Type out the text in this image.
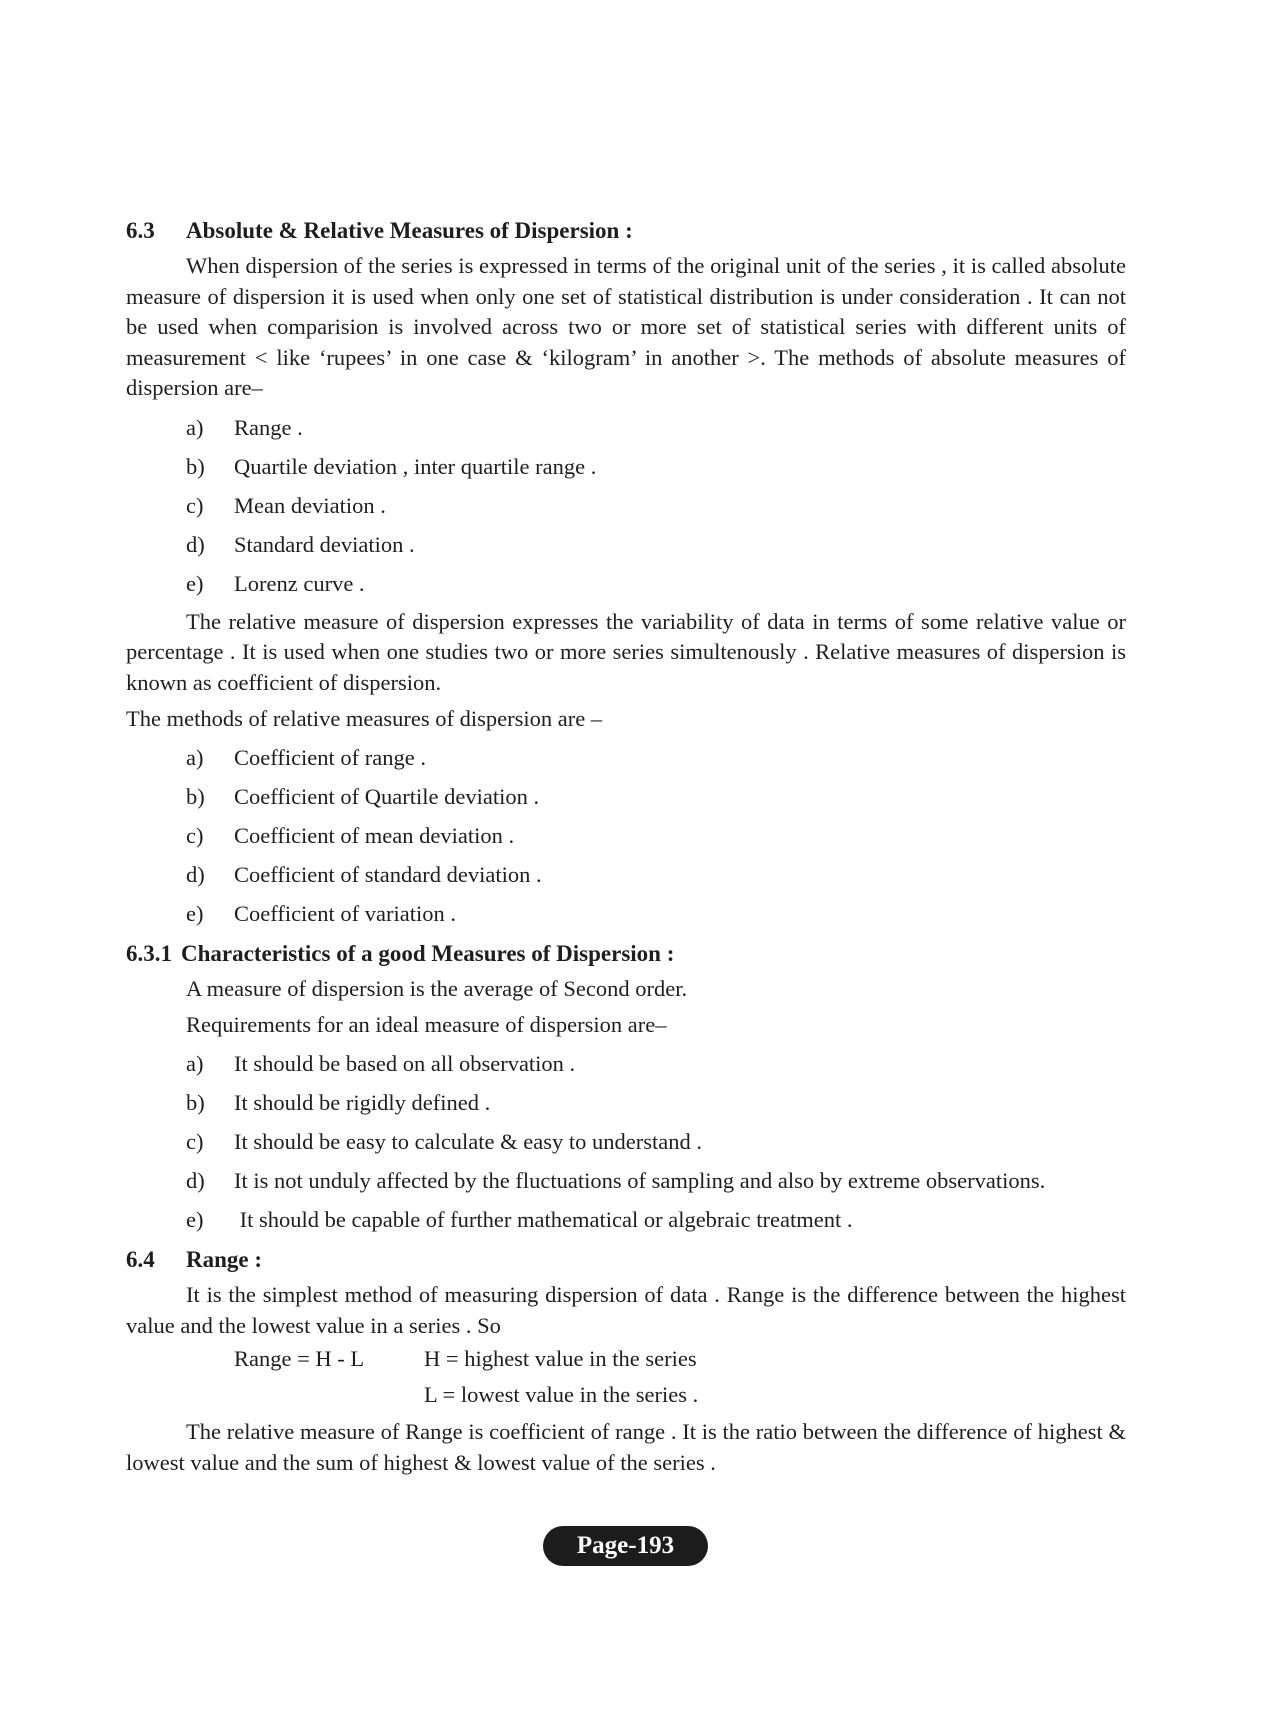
6.3	Absolute & Relative Measures of Dispersion :

When dispersion of the series is expressed in terms of the original unit of the series , it is called absolute measure of dispersion it is used when only one set of statistical distribution is under consideration . It can not be used when comparision is involved across two or more set of statistical series with different units of measurement < like ‘rupees’ in one case & ‘kilogram’ in another >. The methods of absolute measures of dispersion are–

a)	Range .
b)	Quartile deviation , inter quartile range .
c)	Mean deviation .
d)	Standard deviation .
e)	Lorenz curve .

The relative measure of dispersion expresses the variability of data in terms of some relative value or percentage . It is used when one studies two or more series simultenously . Relative measures of dispersion is known as coefficient of dispersion.

The methods of relative measures of dispersion are –

a)	Coefficient of range .
b)	Coefficient of Quartile deviation .
c)	Coefficient of mean deviation .
d)	Coefficient of standard deviation .
e)	Coefficient of variation .
6.3.1 Characteristics of a good Measures of Dispersion :

A measure of dispersion is the average of Second order.

Requirements for an ideal measure of dispersion are–

a)	It should be based on all observation .
b)	It should be rigidly defined .
c)	It should be easy to calculate & easy to understand .
d)	It is not unduly affected by the fluctuations of sampling and also by extreme observations.
e)	It should be capable of further mathematical or algebraic treatment .
6.4	Range :

It is the simplest method of measuring dispersion of data . Range is the difference between the highest value and the lowest value in a series . So

Range = H - L	H = highest value in the series
L = lowest value in the series .

The relative measure of Range is coefficient of range . It is the ratio between the difference of highest & lowest value and the sum of highest & lowest value of the series .

Page-193
